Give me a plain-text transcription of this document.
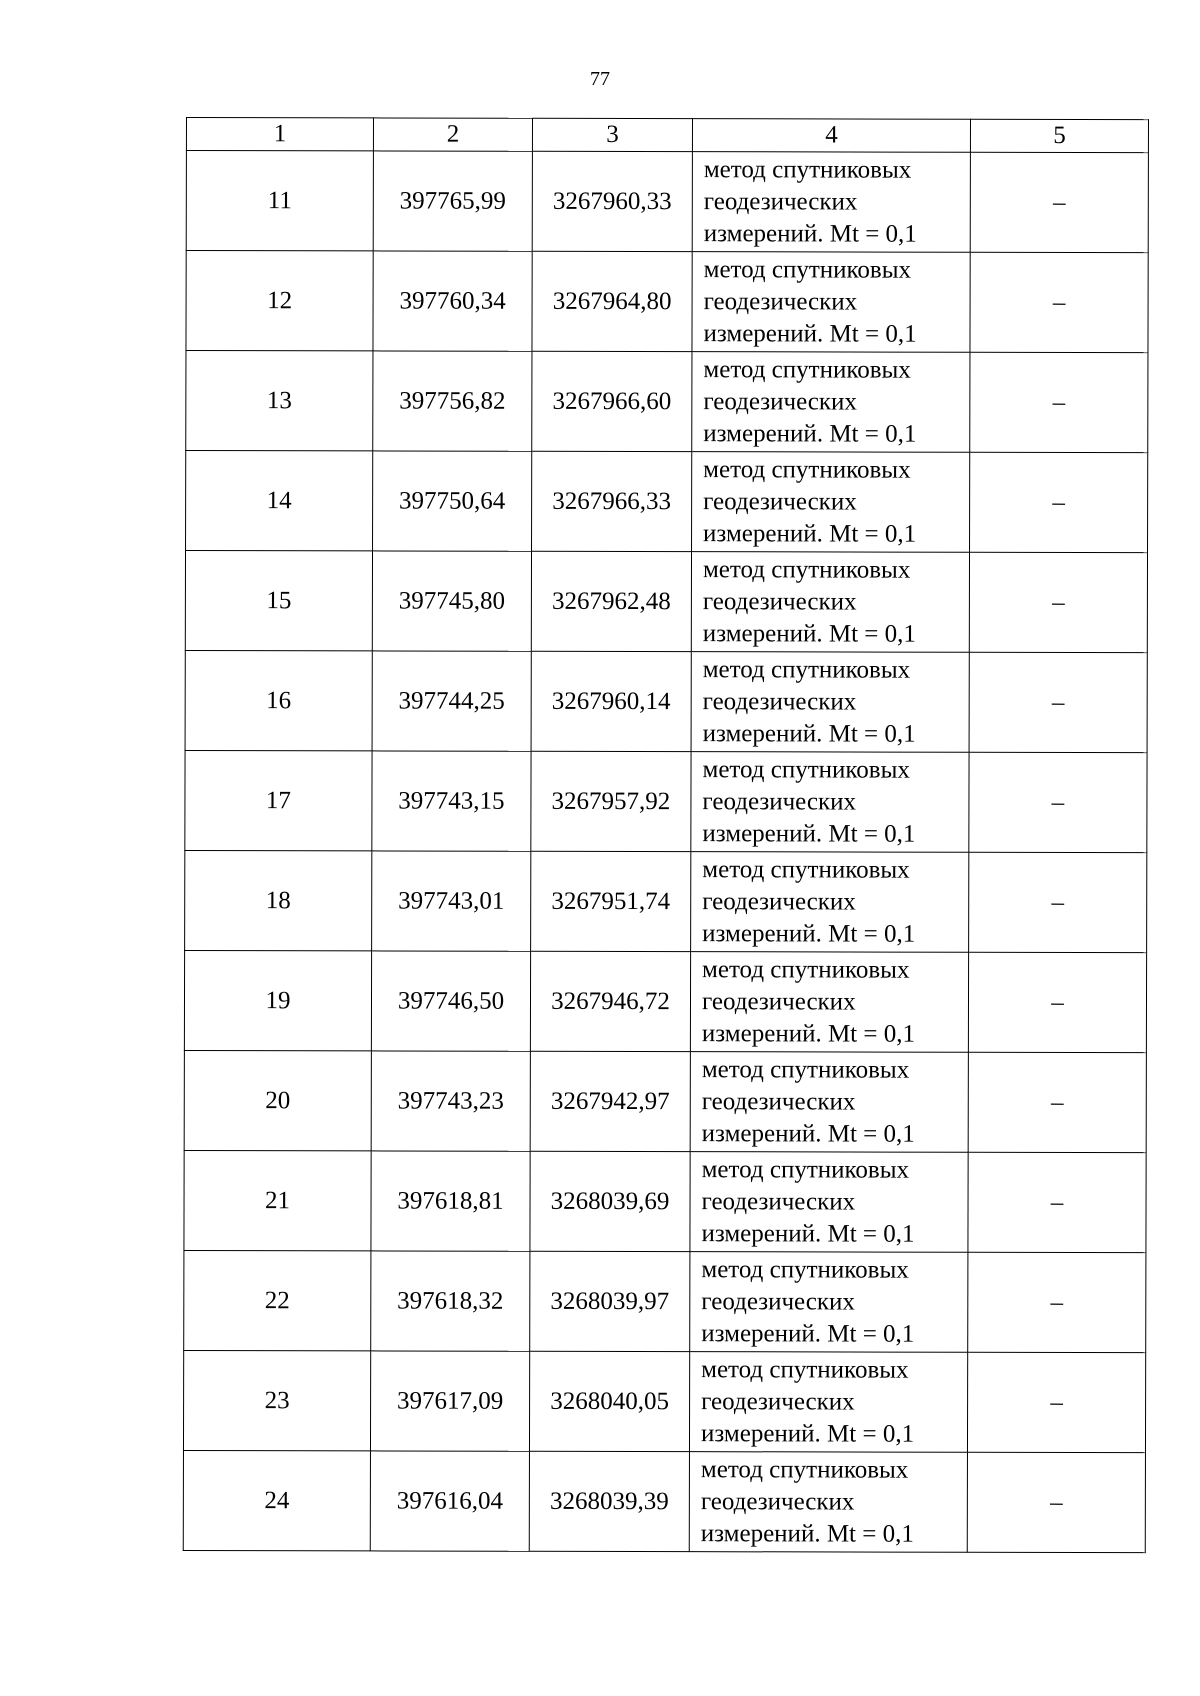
77
1	2	3	4	5
11	397765,99	3267960,33	метод спутниковых
геодезических
измерений. Mt = 0,1	–
12	397760,34	3267964,80	метод спутниковых
геодезических
измерений. Mt = 0,1	–
13	397756,82	3267966,60	метод спутниковых
геодезических
измерений. Mt = 0,1	–
14	397750,64	3267966,33	метод спутниковых
геодезических
измерений. Mt = 0,1	–
15	397745,80	3267962,48	метод спутниковых
геодезических
измерений. Mt = 0,1	–
16	397744,25	3267960,14	метод спутниковых
геодезических
измерений. Mt = 0,1	–
17	397743,15	3267957,92	метод спутниковых
геодезических
измерений. Mt = 0,1	–
18	397743,01	3267951,74	метод спутниковых
геодезических
измерений. Mt = 0,1	–
19	397746,50	3267946,72	метод спутниковых
геодезических
измерений. Mt = 0,1	–
20	397743,23	3267942,97	метод спутниковых
геодезических
измерений. Mt = 0,1	–
21	397618,81	3268039,69	метод спутниковых
геодезических
измерений. Mt = 0,1	–
22	397618,32	3268039,97	метод спутниковых
геодезических
измерений. Mt = 0,1	–
23	397617,09	3268040,05	метод спутниковых
геодезических
измерений. Mt = 0,1	–
24	397616,04	3268039,39	метод спутниковых
геодезических
измерений. Mt = 0,1	–
